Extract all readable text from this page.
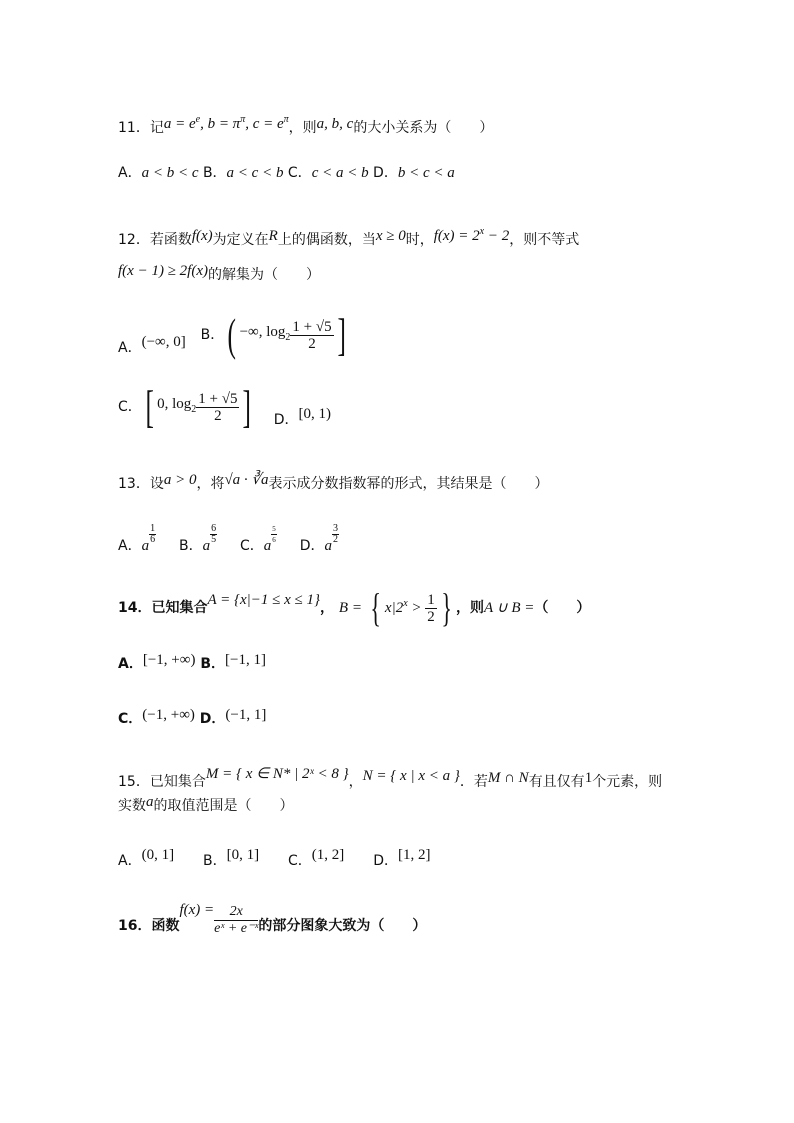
11．记$a = e^e$, $b = \pi^\pi$, $c = e^\pi$，则a, b, c的大小关系为（　　）
A．a < b < c B．a < c < b C．c < a < b D．b < c < a
12．若函数f(x)为定义在R上的偶函数，当x ≥ 0时，$f(x) = 2^x - 2$，则不等式
f(x − 1) ≥ 2f(x)的解集为（　　）
A．(−∞, 0] B．( −∞, $\log_2 \frac{1 + √5}{2}$ ]
C．[ 0, $\log_2 \frac{1 + √5}{2}$ ] D．[0, 1)
13．设a > 0，将√a · ∛a表示成分数指数幂的形式，其结果是（　　）
A．a
$\frac{1}{6}$
B．a
$\frac{6}{5}$
C．a
$\frac{5}{6}$
D．a
$\frac{3}{2}$
14．已知集合A = {x|−1 ≤ x ≤ 1}， B = { $x|2^x > \frac{1}{2}$ } ，则A ∪ B =（　　）
A．[−1, +∞) B．[−1, 1]
C．(−1, +∞) D．(−1, 1]
15．已知集合M = { x ∈ N* | 2ˣ < 8 }，N = { x | x < a }．若M ∩ N有且仅有1个元素，则
实数a的取值范围是（　　）
A．(0, 1] B．[0, 1] C．(1, 2] D．[1, 2]
16．函数$f(x) = \frac{2x}{\text{eˣ + e⁻ˣ}}$ 的部分图象大致为（　　）
